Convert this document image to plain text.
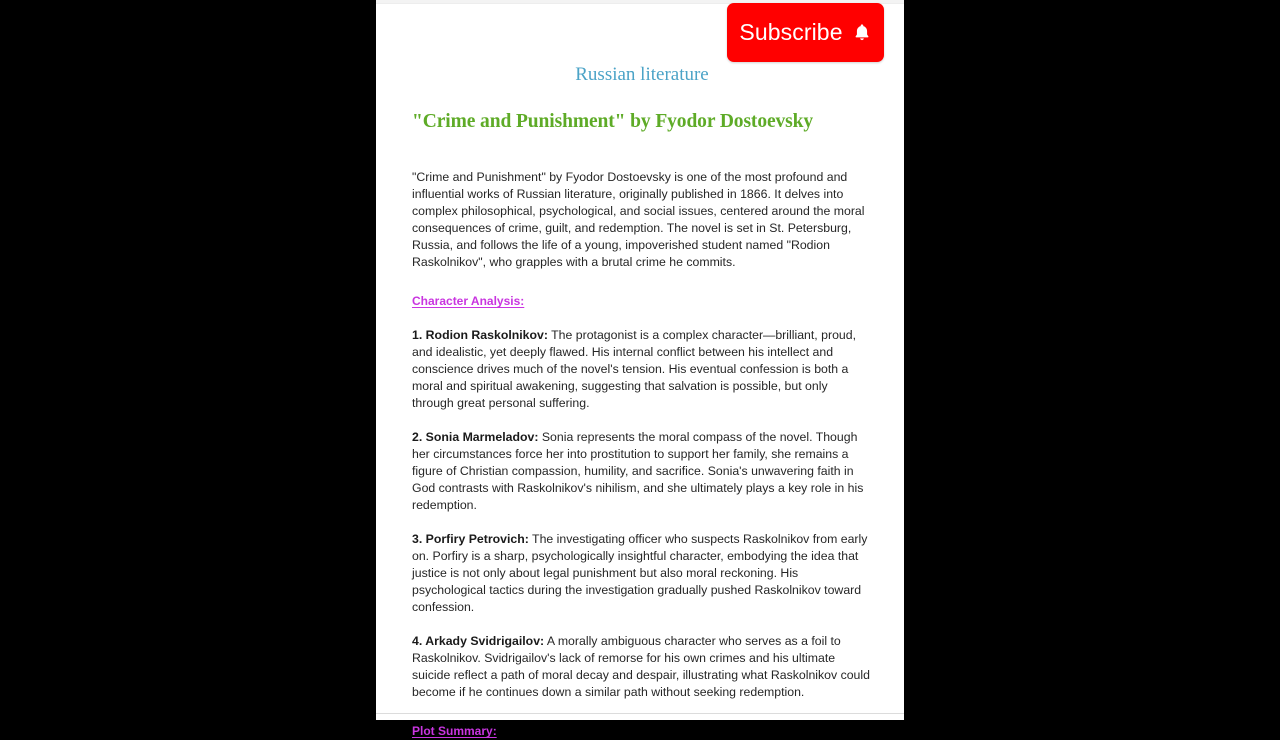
Russian literature
"Crime and Punishment" by Fyodor Dostoevsky

"Crime and Punishment" by Fyodor Dostoevsky is one of the most profound and influential works of Russian literature, originally published in 1866. It delves into complex philosophical, psychological, and social issues, centered around the moral consequences of crime, guilt, and redemption. The novel is set in St. Petersburg, Russia, and follows the life of a young, impoverished student named "Rodion Raskolnikov", who grapples with a brutal crime he commits.

Character Analysis:

1. Rodion Raskolnikov: The protagonist is a complex character—brilliant, proud, and idealistic, yet deeply flawed. His internal conflict between his intellect and conscience drives much of the novel's tension. His eventual confession is both a moral and spiritual awakening, suggesting that salvation is possible, but only through great personal suffering.

2. Sonia Marmeladov: Sonia represents the moral compass of the novel. Though her circumstances force her into prostitution to support her family, she remains a figure of Christian compassion, humility, and sacrifice. Sonia's unwavering faith in God contrasts with Raskolnikov's nihilism, and she ultimately plays a key role in his redemption.

3. Porfiry Petrovich: The investigating officer who suspects Raskolnikov from early on. Porfiry is a sharp, psychologically insightful character, embodying the idea that justice is not only about legal punishment but also moral reckoning. His psychological tactics during the investigation gradually pushed Raskolnikov toward confession.

4. Arkady Svidrigailov: A morally ambiguous character who serves as a foil to Raskolnikov. Svidrigailov's lack of remorse for his own crimes and his ultimate suicide reflect a path of moral decay and despair, illustrating what Raskolnikov could become if he continues down a similar path without seeking redemption.

Plot Summary:
Subscribe
